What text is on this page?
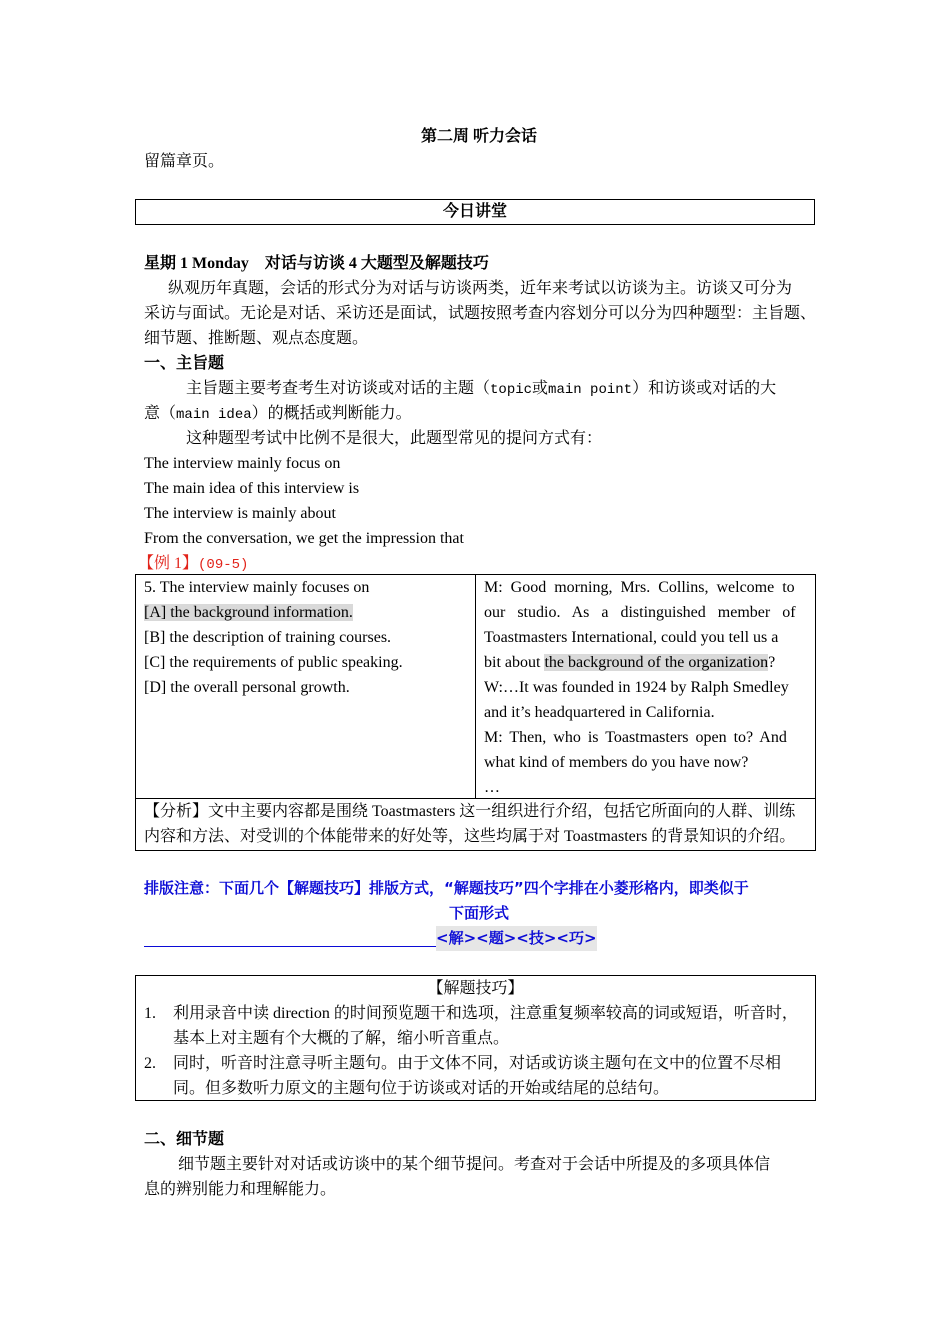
第二周 听力会话
留篇章页。
今日讲堂
星期 1 Monday 对话与访谈 4 大题型及解题技巧
纵观历年真题，会话的形式分为对话与访谈两类，近年来考试以访谈为主。访谈又可分为
采访与面试。无论是对话、采访还是面试，试题按照考查内容划分可以分为四种题型：主旨题、
细节题、推断题、观点态度题。
一、主旨题
主旨题主要考查考生对访谈或对话的主题（topic或main point）和访谈或对话的大
意（main idea）的概括或判断能力。
这种题型考试中比例不是很大，此题型常见的提问方式有：
The interview mainly focus on
The main idea of this interview is
The interview is mainly about
From the conversation, we get the impression that
【例 1】(09-5)

5. The interview mainly focuses on

[A] the background information.

[B] the description of training courses.

[C] the requirements of public speaking.

[D] the overall personal growth.

M: Good morning, Mrs. Collins, welcome to

our studio. As a distinguished member of

Toastmasters International, could you tell us a

bit about the background of the organization?

W:…It was founded in 1924 by Ralph Smedley

and it’s headquartered in California.

M: Then, who is Toastmasters open to? And

what kind of members do you have now?

…

【分析】文中主要内容都是围绕 Toastmasters 这一组织进行介绍，包括它所面向的人群、训练

内容和方法、对受训的个体能带来的好处等，这些均属于对 Toastmasters 的背景知识的介绍。

排版注意：下面几个【解题技巧】排版方式，“解题技巧”四个字排在小菱形格内，即类似于
下面形式
<解><题><技><巧>
【解题技巧】
1. 利用录音中读 direction 的时间预览题干和选项，注意重复频率较高的词或短语，听音时，
基本上对主题有个大概的了解，缩小听音重点。
2. 同时，听音时注意寻听主题句。由于文体不同，对话或访谈主题句在文中的位置不尽相
同。但多数听力原文的主题句位于访谈或对话的开始或结尾的总结句。
二、细节题
细节题主要针对对话或访谈中的某个细节提问。考查对于会话中所提及的多项具体信
息的辨别能力和理解能力。
